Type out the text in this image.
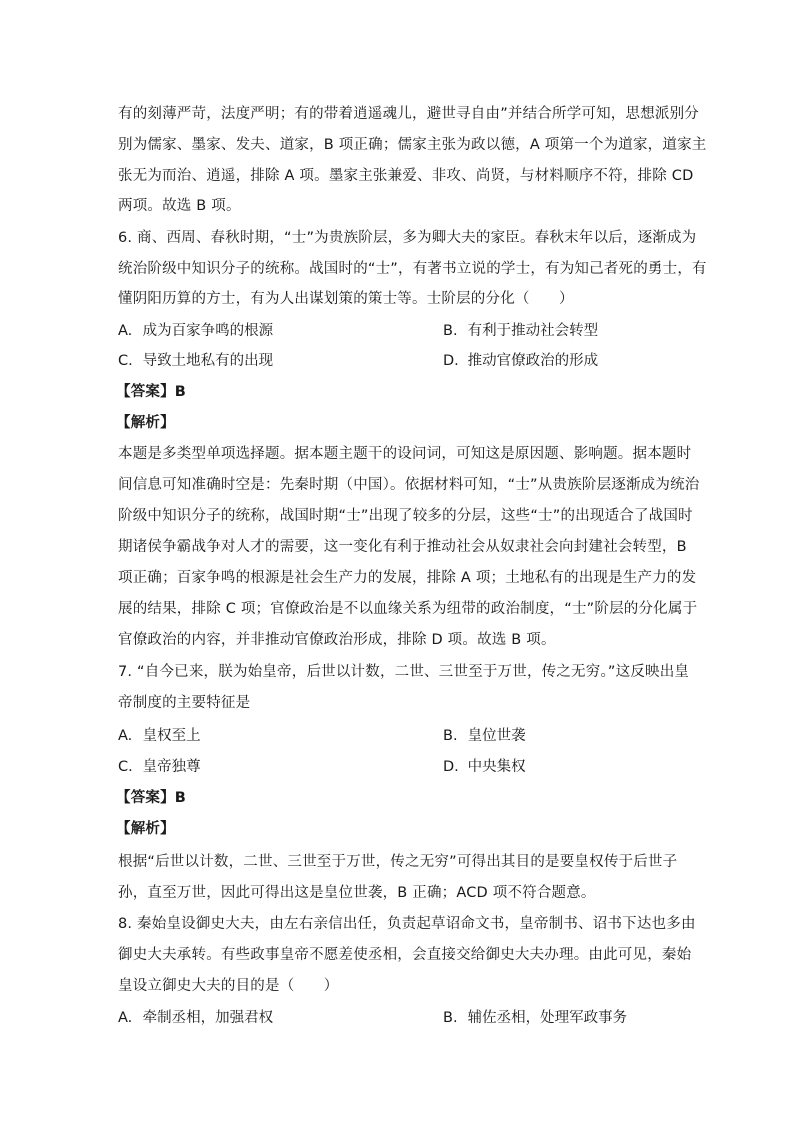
有的刻薄严苛，法度严明；有的带着逍遥魂儿，避世寻自由”并结合所学可知，思想派别分
别为儒家、墨家、发夫、道家，B 项正确；儒家主张为政以德，A 项第一个为道家，道家主
张无为而治、逍遥，排除 A 项。墨家主张兼爱、非攻、尚贤，与材料顺序不符，排除 CD
两项。故选 B 项。
6. 商、西周、春秋时期，“士”为贵族阶层，多为卿大夫的家臣。春秋末年以后，逐渐成为
统治阶级中知识分子的统称。战国时的“士”，有著书立说的学士，有为知己者死的勇士，有
懂阴阳历算的方士，有为人出谋划策的策士等。士阶层的分化（　　）
A. 成为百家争鸣的根源	B. 有利于推动社会转型
C. 导致土地私有的出现	D. 推动官僚政治的形成
【答案】B
【解析】
本题是多类型单项选择题。据本题主题干的设问词，可知这是原因题、影响题。据本题时
间信息可知准确时空是：先秦时期（中国）。依据材料可知，“士”从贵族阶层逐渐成为统治
阶级中知识分子的统称，战国时期“士”出现了较多的分层，这些“士”的出现适合了战国时
期诸侯争霸战争对人才的需要，这一变化有利于推动社会从奴隶社会向封建社会转型，B
项正确；百家争鸣的根源是社会生产力的发展，排除 A 项；土地私有的出现是生产力的发
展的结果，排除 C 项；官僚政治是不以血缘关系为纽带的政治制度，“士”阶层的分化属于
官僚政治的内容，并非推动官僚政治形成，排除 D 项。故选 B 项。
7. “自今已来，朕为始皇帝，后世以计数，二世、三世至于万世，传之无穷。”这反映出皇
帝制度的主要特征是
A. 皇权至上	B. 皇位世袭
C. 皇帝独尊	D. 中央集权
【答案】B
【解析】
根据“后世以计数，二世、三世至于万世，传之无穷”可得出其目的是要皇权传于后世子
孙，直至万世，因此可得出这是皇位世袭，B 正确；ACD 项不符合题意。
8. 秦始皇设御史大夫，由左右亲信出任，负责起草诏命文书，皇帝制书、诏书下达也多由
御史大夫承转。有些政事皇帝不愿差使丞相，会直接交给御史大夫办理。由此可见，秦始
皇设立御史大夫的目的是（　　）
A. 牵制丞相，加强君权	B. 辅佐丞相，处理军政事务
